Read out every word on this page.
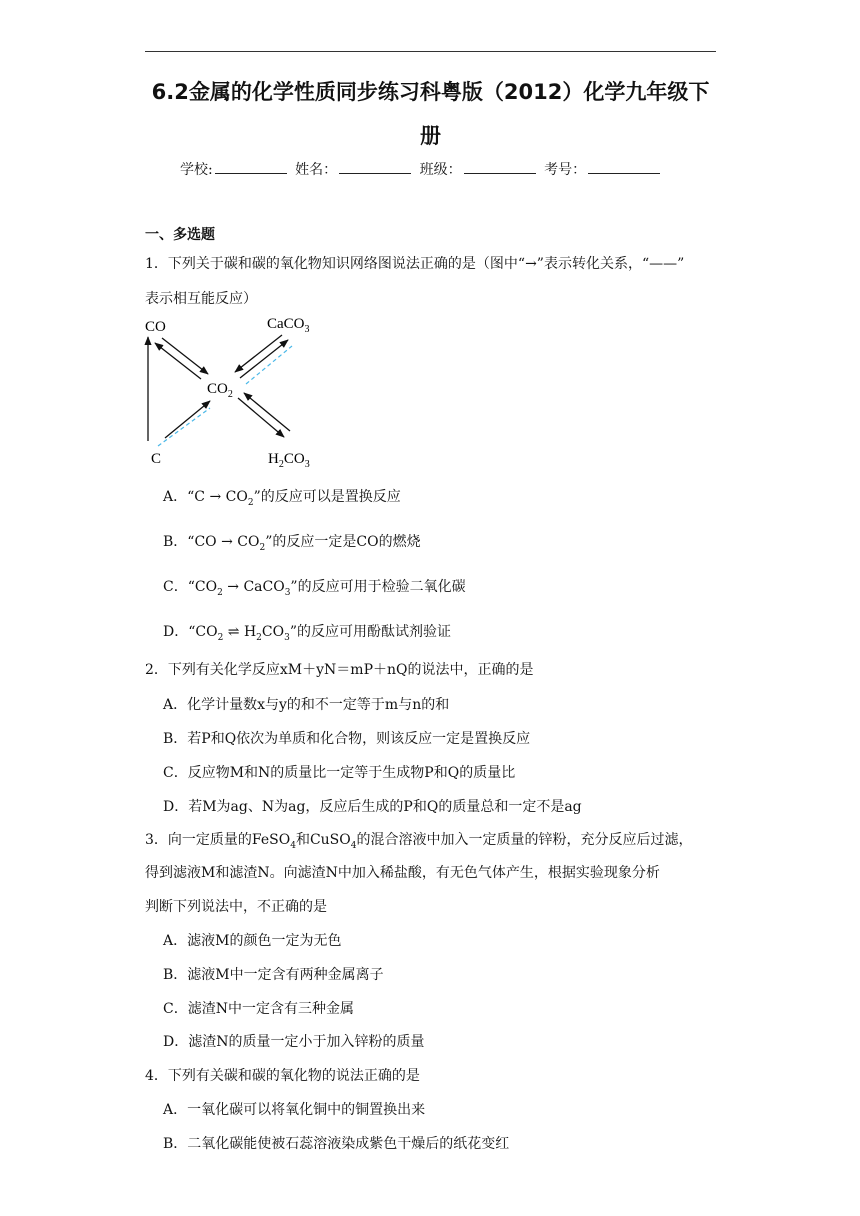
6.2金属的化学性质同步练习科粤版（2012）化学九年级下
册
学校:	姓名：	班级：	考号：
一、多选题
1．下列关于碳和碳的氧化物知识网络图说法正确的是（图中“→”表示转化关系，“——”
表示相互能反应）
CO	CaCO$_3$
$CO_2$
C	$H_2CO_3$
A．“$C \to CO_2$”的反应可以是置换反应
B．“CO → $CO_2$”的反应一定是CO的燃烧
C．“$CO_2$ → CaCO$_3$”的反应可用于检验二氧化碳
D．“$CO_2$ ⇌ $H_2CO_3$”的反应可用酚酞试剂验证
2．下列有关化学反应xM＋yN＝mP＋nQ的说法中，正确的是
A．化学计量数x与y的和不一定等于m与n的和
B．若P和Q依次为单质和化合物，则该反应一定是置换反应
C．反应物M和N的质量比一定等于生成物P和Q的质量比
D．若M为ag、N为ag，反应后生成的P和Q的质量总和一定不是ag
3．向一定质量的FeSO$_4$和CuSO$_4$的混合溶液中加入一定质量的锌粉，充分反应后过滤，
得到滤液M和滤渣N。向滤渣N中加入稀盐酸，有无色气体产生，根据实验现象分析
判断下列说法中，不正确的是
A．滤液M的颜色一定为无色
B．滤液M中一定含有两种金属离子
C．滤渣N中一定含有三种金属
D．滤渣N的质量一定小于加入锌粉的质量
4．下列有关碳和碳的氧化物的说法正确的是
A．一氧化碳可以将氧化铜中的铜置换出来
B．二氧化碳能使被石蕊溶液染成紫色干燥后的纸花变红
